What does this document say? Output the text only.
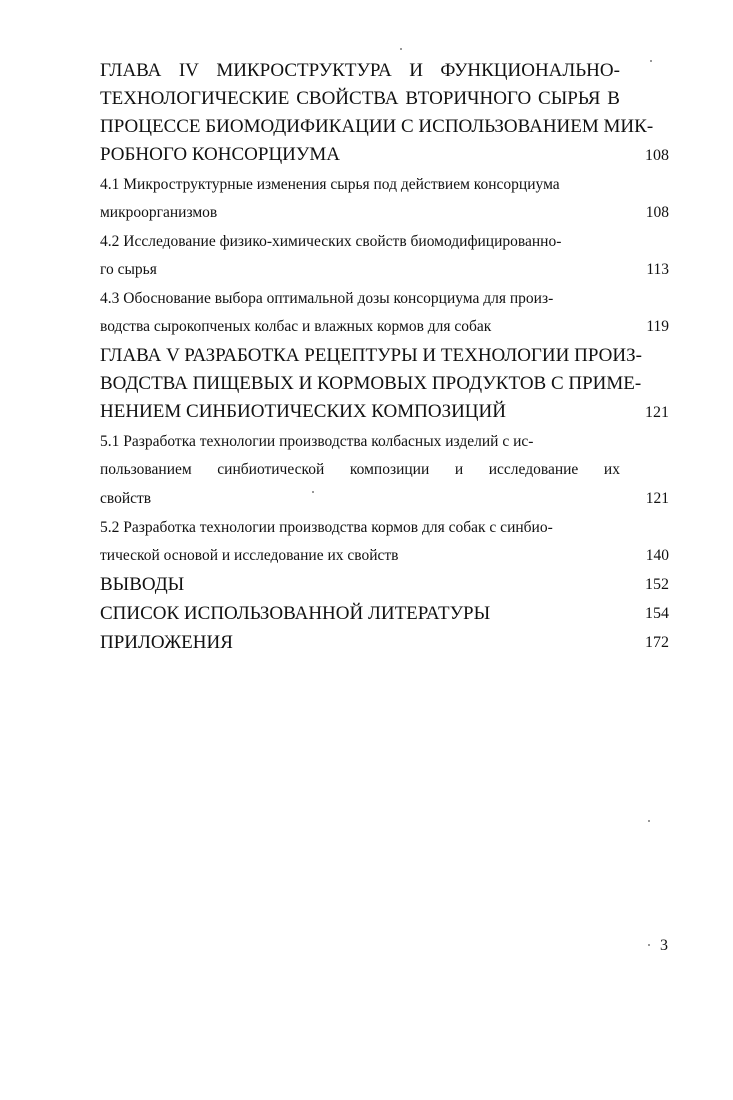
ГЛАВА IV МИКРОСТРУКТУРА И ФУНКЦИОНАЛЬНО-
ТЕХНОЛОГИЧЕСКИЕ СВОЙСТВА ВТОРИЧНОГО СЫРЬЯ В
ПРОЦЕССЕ БИОМОДИФИКАЦИИ С ИСПОЛЬЗОВАНИЕМ МИК-
РОБНОГО КОНСОРЦИУМА	108
4.1 Микроструктурные изменения сырья под действием консорциума
микроорганизмов	108
4.2 Исследование физико-химических свойств биомодифицированно-
го сырья	113
4.3 Обоснование выбора оптимальной дозы консорциума для произ-
водства сырокопченых колбас и влажных кормов для собак	119
ГЛАВА V РАЗРАБОТКА РЕЦЕПТУРЫ И ТЕХНОЛОГИИ ПРОИЗ-
ВОДСТВА ПИЩЕВЫХ И КОРМОВЫХ ПРОДУКТОВ С ПРИМЕ-
НЕНИЕМ СИНБИОТИЧЕСКИХ КОМПОЗИЦИЙ	121
5.1 Разработка технологии производства колбасных изделий с ис-
пользованием синбиотической композиции и исследование их
свойств	121
5.2 Разработка технологии производства кормов для собак с синбио-
тической основой и исследование их свойств	140
ВЫВОДЫ	152
СПИСОК ИСПОЛЬЗОВАННОЙ ЛИТЕРАТУРЫ	154
ПРИЛОЖЕНИЯ	172
3
